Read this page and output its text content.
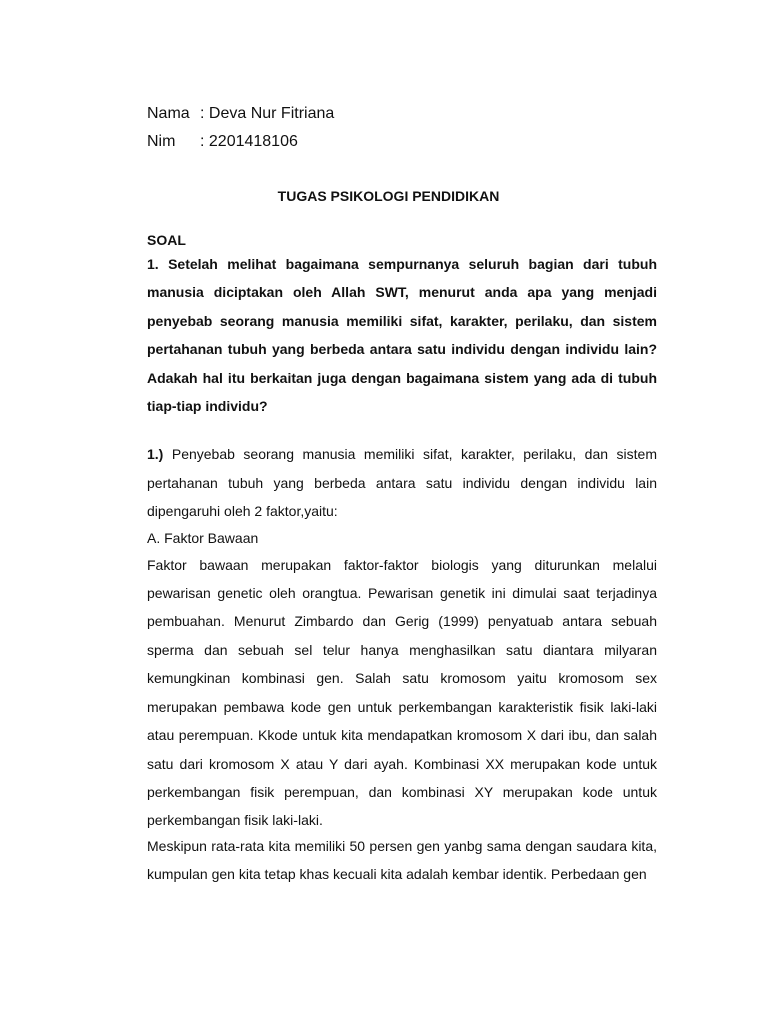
Nama : Deva Nur Fitriana
Nim	: 2201418106
TUGAS PSIKOLOGI PENDIDIKAN
SOAL

1. Setelah melihat bagaimana sempurnanya seluruh bagian dari tubuh manusia diciptakan oleh Allah SWT, menurut anda apa yang menjadi penyebab seorang manusia memiliki sifat, karakter, perilaku, dan sistem pertahanan tubuh yang berbeda antara satu individu dengan individu lain? Adakah hal itu berkaitan juga dengan bagaimana sistem yang ada di tubuh tiap-tiap individu?

1.) Penyebab seorang manusia memiliki sifat, karakter, perilaku, dan sistem pertahanan tubuh yang berbeda antara satu individu dengan individu lain dipengaruhi oleh 2 faktor,yaitu:

A. Faktor Bawaan

Faktor bawaan merupakan faktor-faktor biologis yang diturunkan melalui pewarisan genetic oleh orangtua. Pewarisan genetik ini dimulai saat terjadinya pembuahan. Menurut Zimbardo dan Gerig (1999) penyatuab antara sebuah sperma dan sebuah sel telur hanya menghasilkan satu diantara milyaran kemungkinan kombinasi gen. Salah satu kromosom yaitu kromosom sex merupakan pembawa kode gen untuk perkembangan karakteristik fisik laki-laki atau perempuan. Kkode untuk kita mendapatkan kromosom X dari ibu, dan salah satu dari kromosom X atau Y dari ayah. Kombinasi XX merupakan kode untuk perkembangan fisik perempuan, dan kombinasi XY merupakan kode untuk perkembangan fisik laki-laki.

Meskipun rata-rata kita memiliki 50 persen gen yanbg sama dengan saudara kita, kumpulan gen kita tetap khas kecuali kita adalah kembar identik. Perbedaan gen
